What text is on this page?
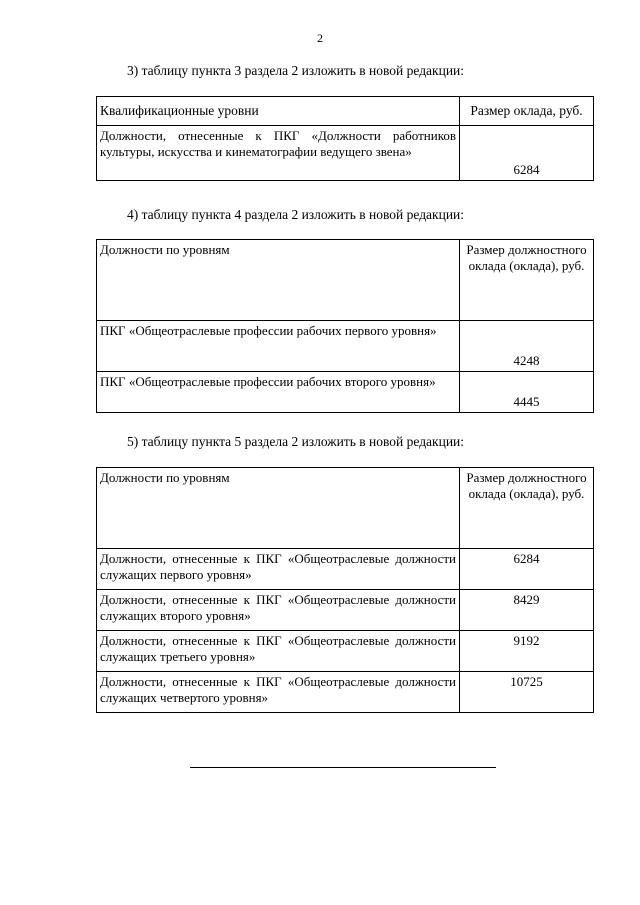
2
3) таблицу пункта 3 раздела 2 изложить в новой редакции:
Квалификационные уровни	Размер оклада, руб.
Должности, отнесенные к ПКГ «Должности работников культуры, искусства и кинематографии ведущего звена»	6284
4) таблицу пункта 4 раздела 2 изложить в новой редакции:
Должности по уровням	Размер должностного оклада (оклада), руб.
ПКГ «Общеотраслевые профессии рабочих первого уровня»	4248
ПКГ «Общеотраслевые профессии рабочих второго уровня»	4445
5) таблицу пункта 5 раздела 2 изложить в новой редакции:
Должности по уровням	Размер должностного оклада (оклада), руб.
Должности, отнесенные к ПКГ «Общеотраслевые должности служащих первого уровня»	6284
Должности, отнесенные к ПКГ «Общеотраслевые должности служащих второго уровня»	8429
Должности, отнесенные к ПКГ «Общеотраслевые должности служащих третьего уровня»	9192
Должности, отнесенные к ПКГ «Общеотраслевые должности служащих четвертого уровня»	10725
